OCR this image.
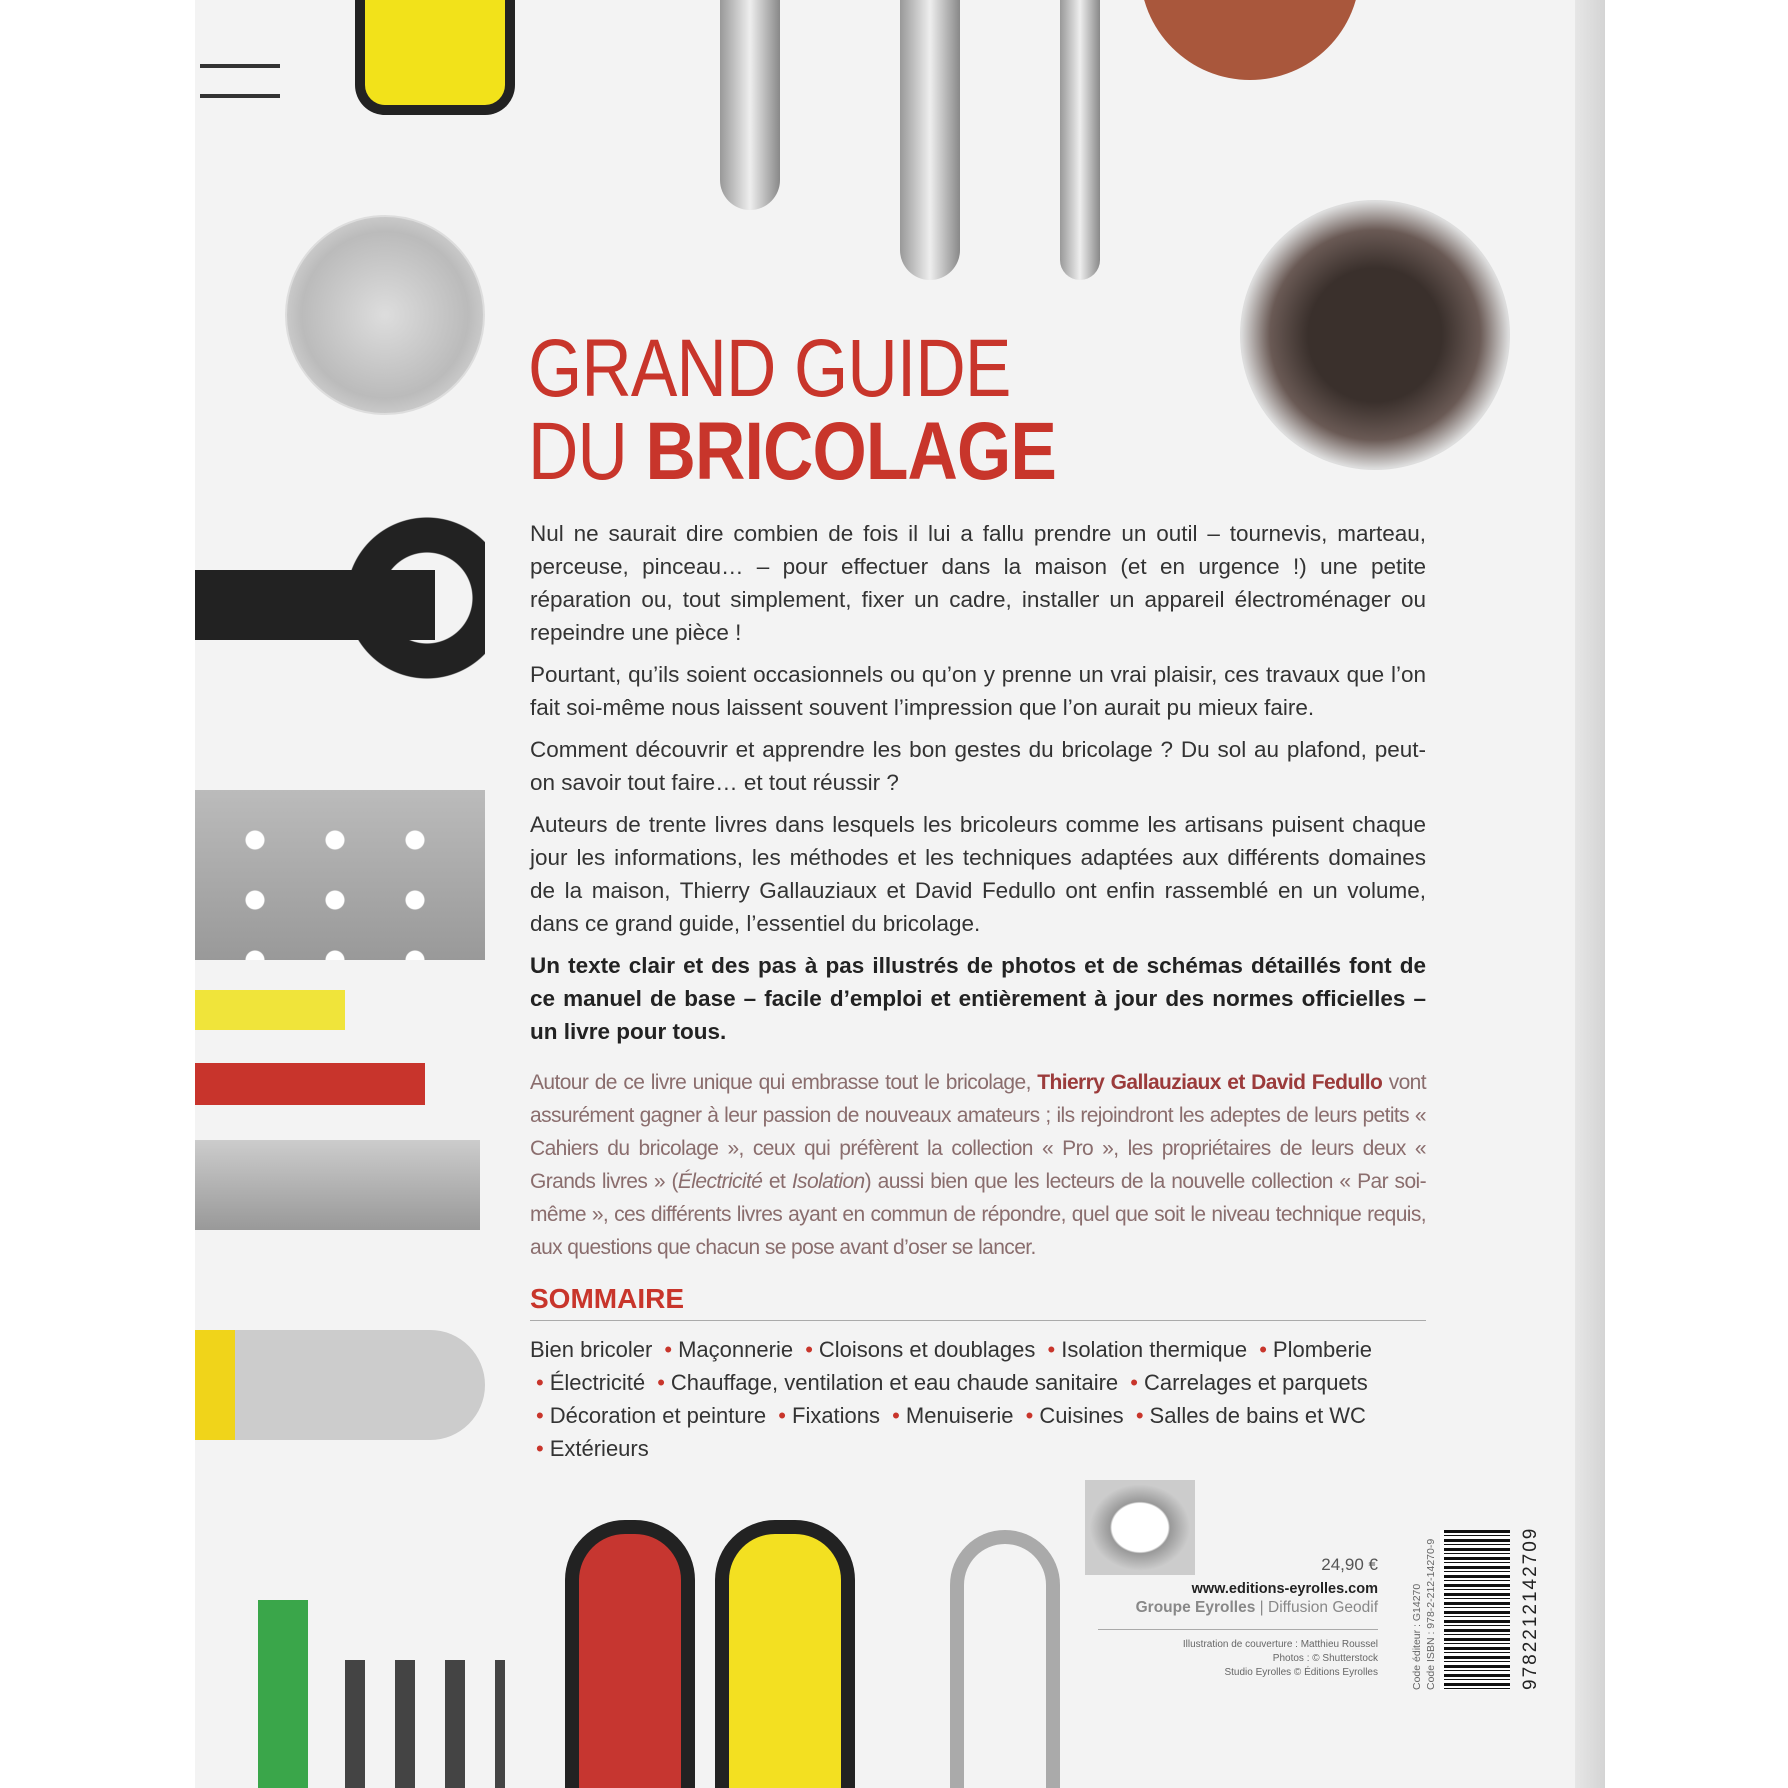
GRAND GUIDE
DU BRICOLAGE

Nul ne saurait dire combien de fois il lui a fallu prendre un outil – tournevis, marteau, perceuse, pinceau… – pour effectuer dans la maison (et en urgence !) une petite réparation ou, tout simplement, fixer un cadre, installer un appareil électroménager ou repeindre une pièce !

Pourtant, qu’ils soient occasionnels ou qu’on y prenne un vrai plaisir, ces travaux que l’on fait soi-même nous laissent souvent l’impression que l’on aurait pu mieux faire.

Comment découvrir et apprendre les bon gestes du bricolage ? Du sol au plafond, peut-on savoir tout faire… et tout réussir ?

Auteurs de trente livres dans lesquels les bricoleurs comme les artisans puisent chaque jour les informations, les méthodes et les techniques adaptées aux différents domaines de la maison, Thierry Gallauziaux et David Fedullo ont enfin rassemblé en un volume, dans ce grand guide, l’essentiel du bricolage.

Un texte clair et des pas à pas illustrés de photos et de schémas détaillés font de ce manuel de base – facile d’emploi et entièrement à jour des normes officielles – un livre pour tous.

Autour de ce livre unique qui embrasse tout le bricolage, Thierry Gallauziaux et David Fedullo vont assurément gagner à leur passion de nouveaux amateurs ; ils rejoindront les adeptes de leurs petits « Cahiers du bricolage », ceux qui préfèrent la collection « Pro », les propriétaires de leurs deux « Grands livres » (Électricité et Isolation) aussi bien que les lecteurs de la nouvelle collection « Par soi-même », ces différents livres ayant en commun de répondre, quel que soit le niveau technique requis, aux questions que chacun se pose avant d’oser se lancer.
SOMMAIRE
Bien bricoler • Maçonnerie • Cloisons et doublages • Isolation thermique • Plomberie • Électricité • Chauffage, ventilation et eau chaude sanitaire • Carrelages et parquets • Décoration et peinture • Fixations • Menuiserie • Cuisines • Salles de bains et WC • Extérieurs
24,90 €
www.editions-eyrolles.com
Groupe Eyrolles | Diffusion Geodif
Illustration de couverture : Matthieu Roussel
Photos : © Shutterstock
Studio Eyrolles © Éditions Eyrolles	Code éditeur : G14270 Code ISBN : 978-2-212-14270-9	9782212142709
